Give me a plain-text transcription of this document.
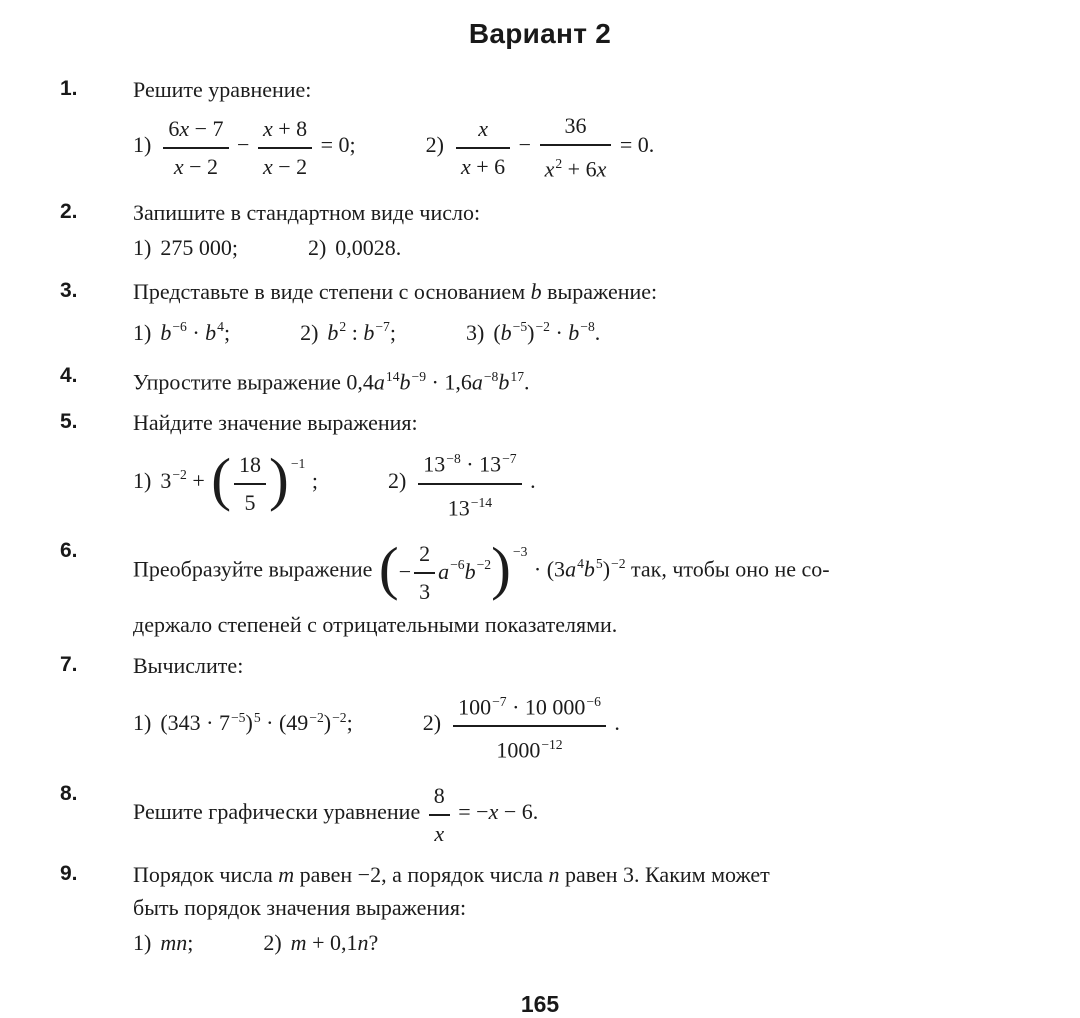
Вариант 2
1.	Решите уравнение:
$1) \frac{6x - 7}{x - 2} - \frac{x + 8}{x - 2} = 0$;	$2) \frac{x}{x + 6} - \frac{36}{x^2 + 6x} = 0$.
2.	Запишите в стандартном виде число:
1) 275 000;	2) 0,0028.
3.	Представьте в виде степени с основанием b выражение:
1) $b^{-6} \cdot b^4$;	2) $b^2$ : $b^{-7}$;	3) $(b^{-5})^{-2} \cdot b^{-8}$.
4.	Упростите выражение $0,4a^{14}b^{-9} \cdot 1,6a^{-8}b^{17}$.
5.	Найдите значение выражения:
1) $3^{-2}$ + ( $\frac{18}{5}$ ) $^{-1}$ ;	$2) \frac{13^{-8} \cdot 13^{-7}}{13^{-14}}$ .
6.
Преобразуйте выражение (− $\frac{2}{3} a^{-6}b^{-2}$) $^{-3} \cdot (3a^4b^5)^{-2}$ так, чтобы оно не со-
держало степеней с отрицательными показателями.
7.	Вычислите:
1) $(343 \cdot 7^{-5})^5 \cdot (49^{-2})^{-2}$;	$2) \frac{100^{-7} \cdot 10 000^{-6}}{1000^{-12}}$ .
8.
Решите графически уравнение $\frac{8}{x} = -x - 6$.
9.	Порядок числа m равен −2, а порядок числа n равен 3. Каким может
быть порядок значения выражения:
1) mn;	2) m + 0,1n?
165
